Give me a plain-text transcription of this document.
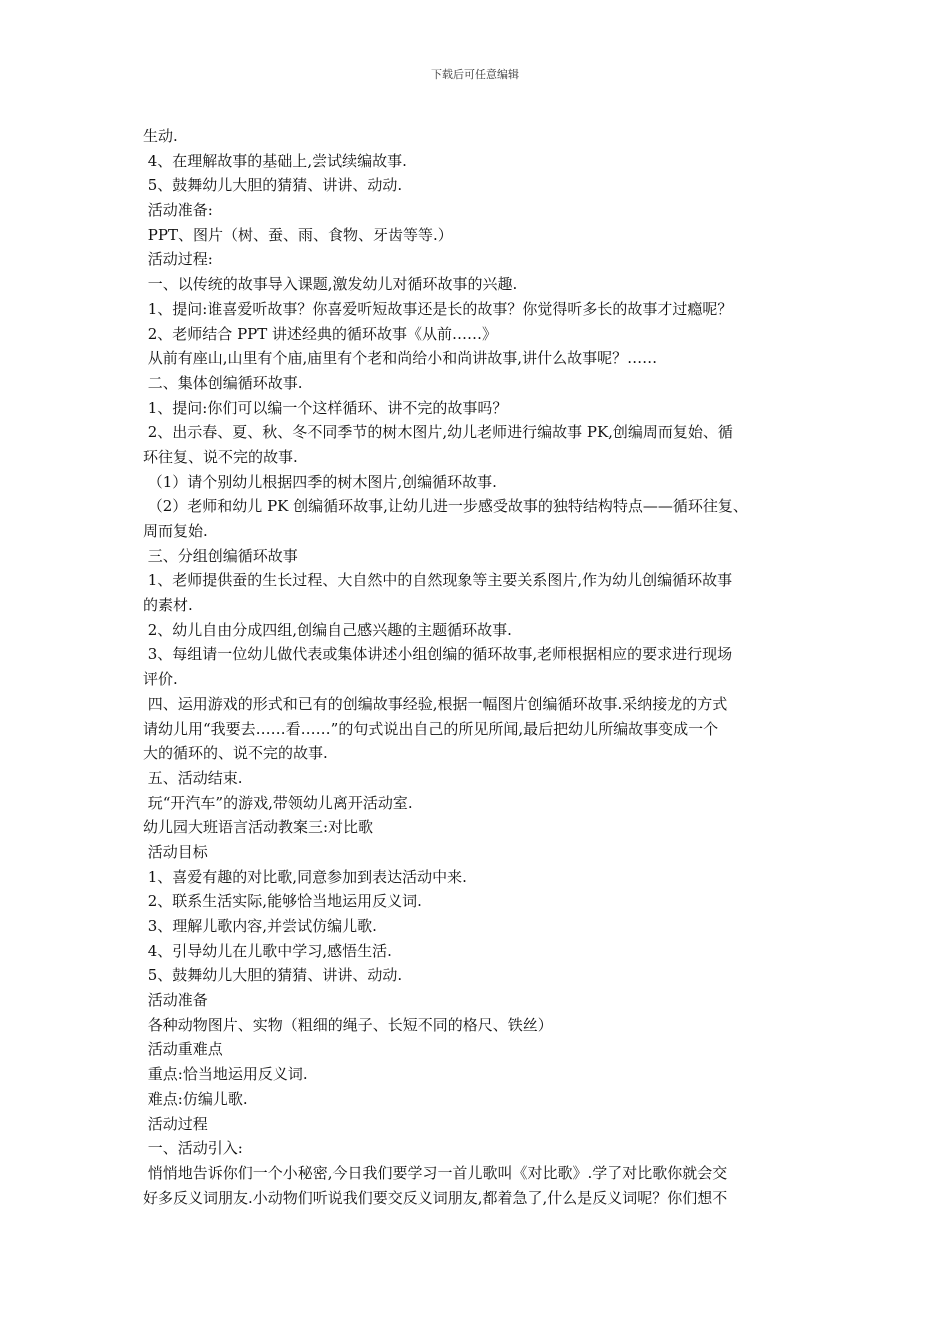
下载后可任意编辑
生动.
4、在理解故事的基础上,尝试续编故事.
5、鼓舞幼儿大胆的猜猜、讲讲、动动.
活动准备:
PPT、图片（树、蚕、雨、食物、牙齿等等.）
活动过程:
一、以传统的故事导入课题,激发幼儿对循环故事的兴趣.
1、提问:谁喜爱听故事？你喜爱听短故事还是长的故事？你觉得听多长的故事才过瘾呢？
2、老师结合 PPT 讲述经典的循环故事《从前……》
从前有座山,山里有个庙,庙里有个老和尚给小和尚讲故事,讲什么故事呢？……
二、集体创编循环故事.
1、提问:你们可以编一个这样循环、讲不完的故事吗？
2、出示春、夏、秋、冬不同季节的树木图片,幼儿老师进行编故事 PK,创编周而复始、循
环往复、说不完的故事.
（1）请个别幼儿根据四季的树木图片,创编循环故事.
（2）老师和幼儿 PK 创编循环故事,让幼儿进一步感受故事的独特结构特点——循环往复、
周而复始.
三、分组创编循环故事
1、老师提供蚕的生长过程、大自然中的自然现象等主要关系图片,作为幼儿创编循环故事
的素材.
2、幼儿自由分成四组,创编自己感兴趣的主题循环故事.
3、每组请一位幼儿做代表或集体讲述小组创编的循环故事,老师根据相应的要求进行现场
评价.
四、运用游戏的形式和已有的创编故事经验,根据一幅图片创编循环故事.采纳接龙的方式
请幼儿用“我要去……看……”的句式说出自己的所见所闻,最后把幼儿所编故事变成一个
大的循环的、说不完的故事.
五、活动结束.
玩“开汽车”的游戏,带领幼儿离开活动室.
幼儿园大班语言活动教案三:对比歌
活动目标
1、喜爱有趣的对比歌,同意参加到表达活动中来.
2、联系生活实际,能够恰当地运用反义词.
3、理解儿歌内容,并尝试仿编儿歌.
4、引导幼儿在儿歌中学习,感悟生活.
5、鼓舞幼儿大胆的猜猜、讲讲、动动.
活动准备
各种动物图片、实物（粗细的绳子、长短不同的格尺、铁丝）
活动重难点
重点:恰当地运用反义词.
难点:仿编儿歌.
活动过程
一、活动引入:
悄悄地告诉你们一个小秘密,今日我们要学习一首儿歌叫《对比歌》.学了对比歌你就会交
好多反义词朋友.小动物们听说我们要交反义词朋友,都着急了,什么是反义词呢？你们想不
